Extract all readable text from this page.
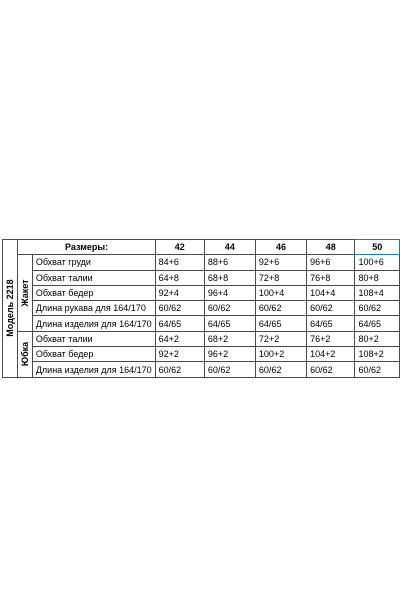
Модель 2218	Размеры:		42	44	46	48	50

	Жакет	Обхват груди	84+6	88+6	92+6	96+6	100+6
		Обхват талии	64+8	68+8	72+8	76+8	80+8
		Обхват бедер	92+4	96+4	100+4	104+4	108+4
		Длина рукава для 164/170	60/62	60/62	60/62	60/62	60/62
		Длина изделия для 164/170	64/65	64/65	64/65	64/65	64/65

	Юбка	Обхват талии	64+2	68+2	72+2	76+2	80+2
		Обхват бедер	92+2	96+2	100+2	104+2	108+2
		Длина изделия для 164/170	60/62	60/62	60/62	60/62	60/62
